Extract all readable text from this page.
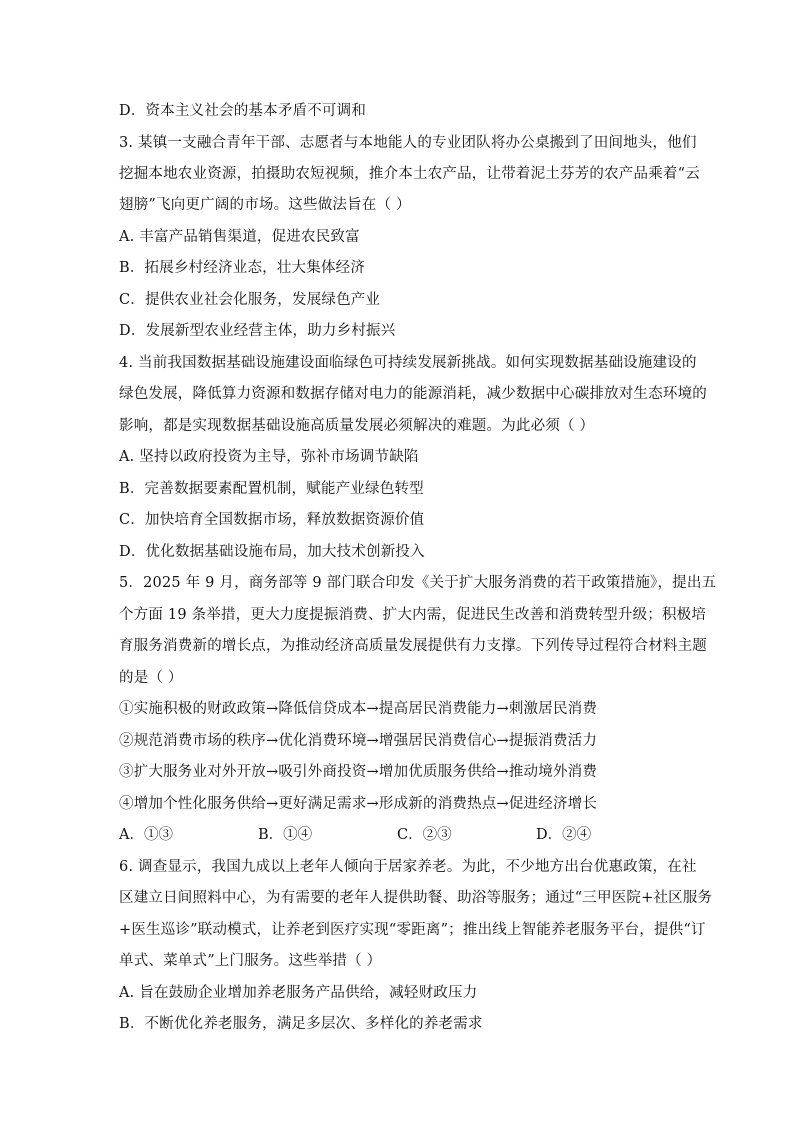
D．资本主义社会的基本矛盾不可调和
3. 某镇一支融合青年干部、志愿者与本地能人的专业团队将办公桌搬到了田间地头，他们
挖掘本地农业资源，拍摄助农短视频，推介本土农产品，让带着泥土芬芳的农产品乘着“云
翅膀”飞向更广阔的市场。这些做法旨在（ ）
A. 丰富产品销售渠道，促进农民致富
B．拓展乡村经济业态，壮大集体经济
C．提供农业社会化服务，发展绿色产业
D．发展新型农业经营主体，助力乡村振兴
4. 当前我国数据基础设施建设面临绿色可持续发展新挑战。如何实现数据基础设施建设的
绿色发展，降低算力资源和数据存储对电力的能源消耗，减少数据中心碳排放对生态环境的
影响，都是实现数据基础设施高质量发展必须解决的难题。为此必须（ ）
A. 坚持以政府投资为主导，弥补市场调节缺陷
B．完善数据要素配置机制，赋能产业绿色转型
C．加快培育全国数据市场，释放数据资源价值
D．优化数据基础设施布局，加大技术创新投入
5．2025 年 9 月，商务部等 9 部门联合印发《关于扩大服务消费的若干政策措施》，提出五
个方面 19 条举措，更大力度提振消费、扩大内需，促进民生改善和消费转型升级；积极培
育服务消费新的增长点，为推动经济高质量发展提供有力支撑。下列传导过程符合材料主题
的是（ ）
①实施积极的财政政策→降低信贷成本→提高居民消费能力→刺激居民消费
②规范消费市场的秩序→优化消费环境→增强居民消费信心→提振消费活力
③扩大服务业对外开放→吸引外商投资→增加优质服务供给→推动境外消费
④增加个性化服务供给→更好满足需求→形成新的消费热点→促进经济增长
A．①③	B．①④	C．②③	D．②④
6. 调查显示，我国九成以上老年人倾向于居家养老。为此，不少地方出台优惠政策，在社
区建立日间照料中心，为有需要的老年人提供助餐、助浴等服务；通过“三甲医院+社区服务
+医生巡诊”联动模式，让养老到医疗实现“零距离”；推出线上智能养老服务平台，提供“订
单式、菜单式”上门服务。这些举措（ ）
A. 旨在鼓励企业增加养老服务产品供给，减轻财政压力
B．不断优化养老服务，满足多层次、多样化的养老需求
